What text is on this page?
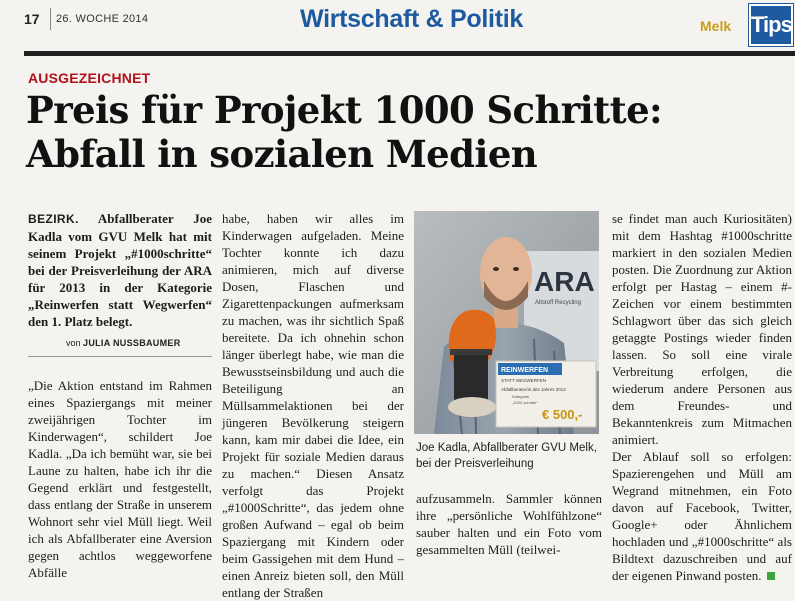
17 26. WOCHE 2014	Wirtschaft & Politik	Melk Tips
AUSGEZEICHNET
Preis für Projekt 1000 Schritte:
Abfall in sozialen Medien

BEZIRK. Abfallberater Joe Kadla vom GVU Melk hat mit seinem Projekt „#1000schritte“ bei der Preisverleihung der ARA für 2013 in der Kategorie „Reinwerfen statt Wegwerfen“ den 1. Platz belegt.

von JULIA NUSSBAUMER

„Die Aktion entstand im Rahmen eines Spaziergangs mit meiner zweijährigen Tochter im Kinderwagen“, schildert Joe Kadla. „Da ich bemüht war, sie bei Laune zu halten, habe ich ihr die Gegend erklärt und festgestellt, dass entlang der Straße in unserem Wohnort sehr viel Müll liegt. Weil ich als Abfallberater eine Aversion gegen achtlos weggeworfene Abfälle

habe, haben wir alles im Kinderwagen aufgeladen. Meine Tochter konnte ich dazu animieren, mich auf diverse Dosen, Flaschen und Zigarettenpackungen aufmerksam zu machen, was ihr sichtlich Spaß bereitete. Da ich ohnehin schon länger überlegt habe, wie man die Bewusstseinsbildung und auch die Beteiligung an Müllsammelaktionen bei der jüngeren Bevölkerung steigern kann, kam mir dabei die Idee, ein Projekt für soziale Medien daraus zu machen.“ Diesen Ansatz verfolgt das Projekt „#1000Schritte“, das jedem ohne großen Aufwand – egal ob beim Spaziergang mit Kindern oder beim Gassigehen mit dem Hund – einen Anreiz bieten soll, den Müll entlang der Straßen

ARA
Altstoff Recycling
REINWERFEN
STATT WEGWERFEN
Abfallberater/in des Jahres 2013
Kategorie
„1000 schritte“
€ 500,-
Joe Kadla, Abfallberater GVU Melk,
bei der Preisverleihung

aufzusammeln. Sammler können ihre „persönliche Wohlfühlzone“ sauber halten und ein Foto vom gesammelten Müll (teilwei-

se findet man auch Kuriositäten) mit dem Hashtag #1000schritte markiert in den sozialen Medien posten. Die Zuordnung zur Aktion erfolgt per Hastag – einem #-Zeichen vor einem bestimmten Schlagwort über das sich gleich getaggte Postings wieder finden lassen. So soll eine virale Verbreitung erfolgen, die wiederum andere Personen aus dem Freundes- und Bekanntenkreis zum Mitmachen animiert.

Der Ablauf soll so erfolgen: Spazierengehen und Müll am Wegrand mitnehmen, ein Foto davon auf Facebook, Twitter, Google+ oder Ähnlichem hochladen und „#1000schritte“ als Bildtext dazuschreiben und auf der eigenen Pinwand posten.
